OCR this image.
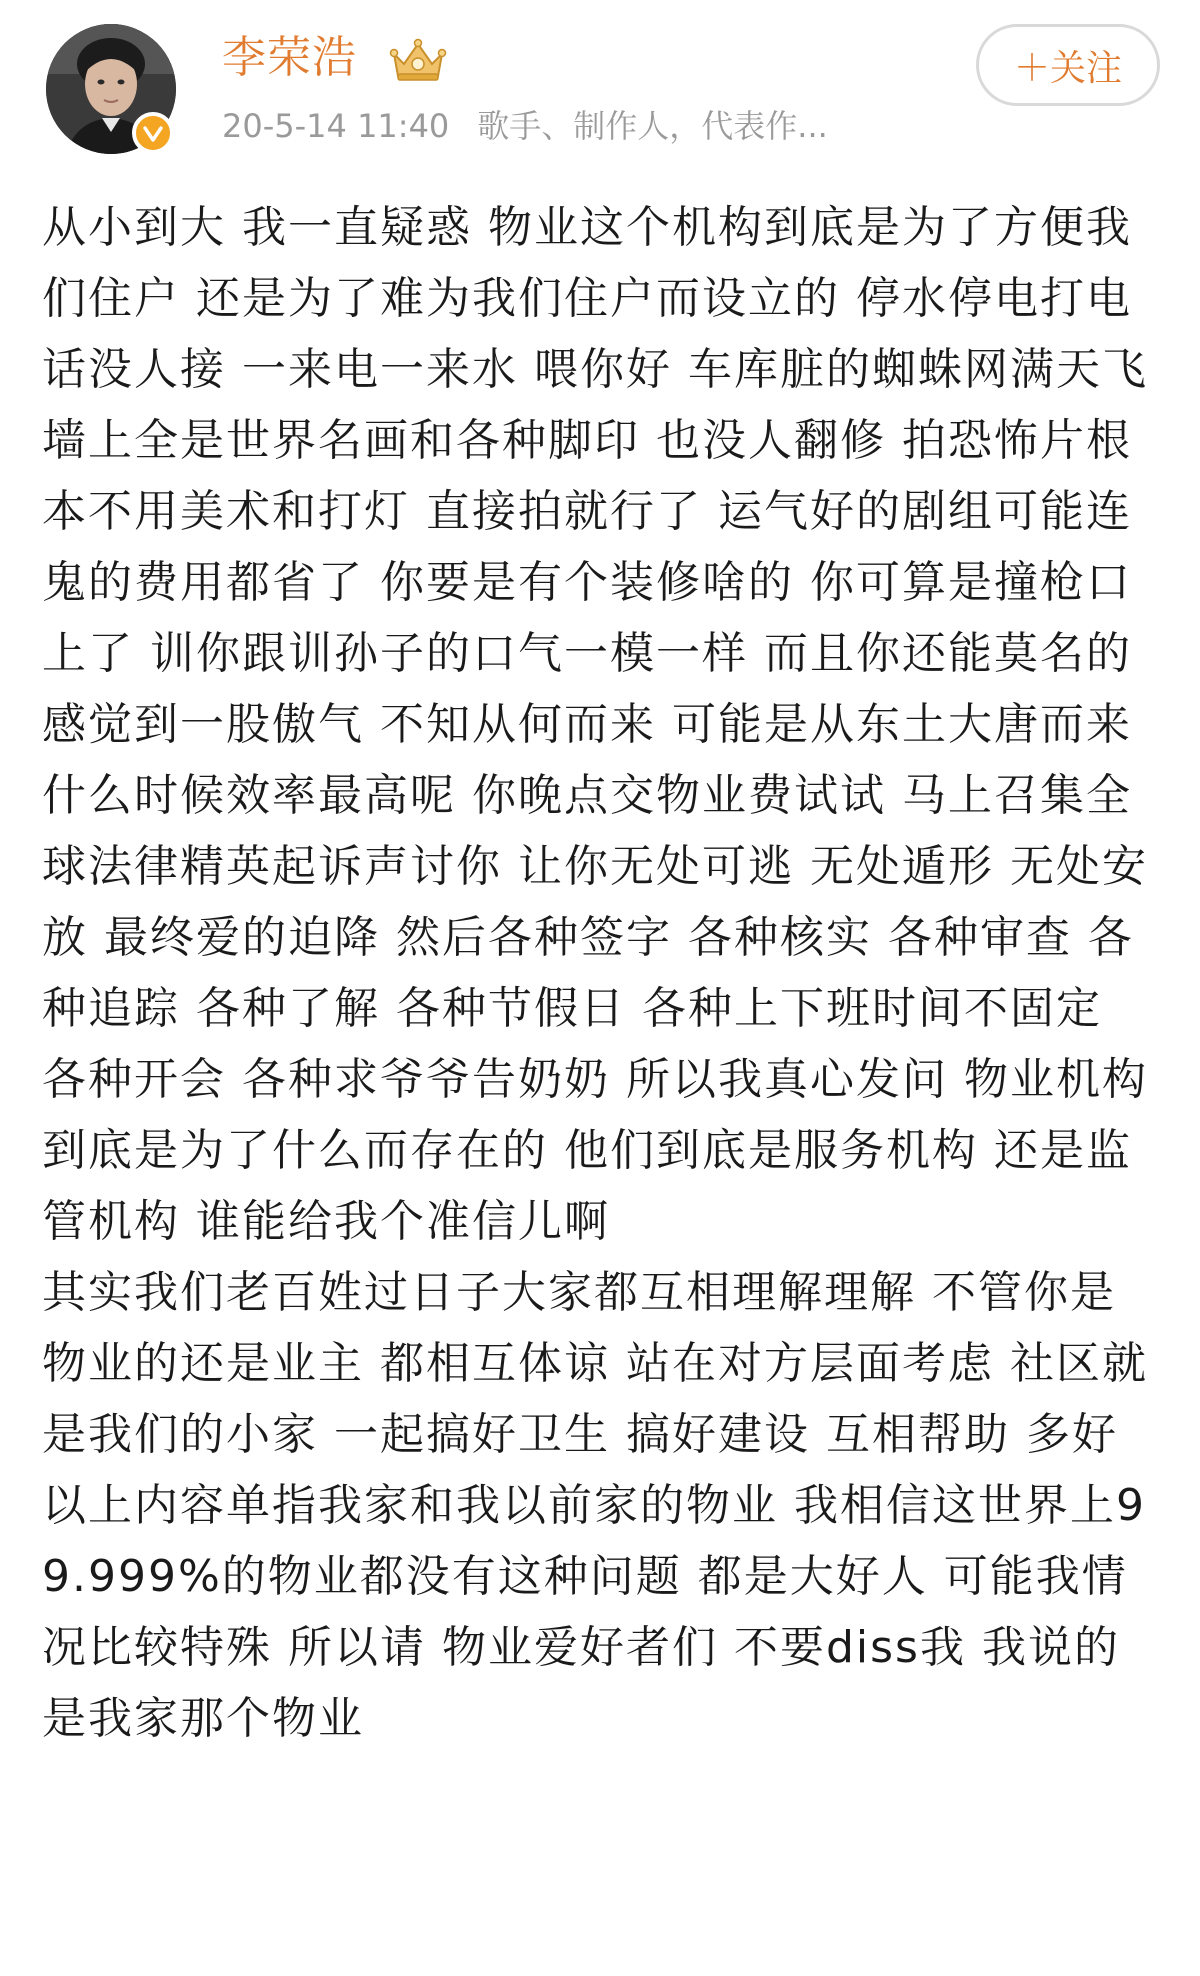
李荣浩
20-5-14 11:40 歌手、制作人，代表作...
＋关注

从小到大 我一直疑惑 物业这个机构到底是为了方便我们住户 还是为了难为我们住户而设立的 停水停电打电话没人接 一来电一来水 喂你好 车库脏的蜘蛛网满天飞 墙上全是世界名画和各种脚印 也没人翻修 拍恐怖片根本不用美术和打灯 直接拍就行了 运气好的剧组可能连鬼的费用都省了 你要是有个装修啥的 你可算是撞枪口上了 训你跟训孙子的口气一模一样 而且你还能莫名的感觉到一股傲气 不知从何而来 可能是从东土大唐而来 什么时候效率最高呢 你晚点交物业费试试 马上召集全球法律精英起诉声讨你 让你无处可逃 无处遁形 无处安放 最终爱的迫降 然后各种签字 各种核实 各种审查 各种追踪 各种了解 各种节假日 各种上下班时间不固定 各种开会 各种求爷爷告奶奶 所以我真心发问 物业机构到底是为了什么而存在的 他们到底是服务机构 还是监管机构 谁能给我个准信儿啊

其实我们老百姓过日子大家都互相理解理解 不管你是物业的还是业主 都相互体谅 站在对方层面考虑 社区就是我们的小家 一起搞好卫生 搞好建设 互相帮助 多好

以上内容单指我家和我以前家的物业 我相信这世界上99.999%的物业都没有这种问题 都是大好人 可能我情况比较特殊 所以请 物业爱好者们 不要diss我 我说的是我家那个物业
